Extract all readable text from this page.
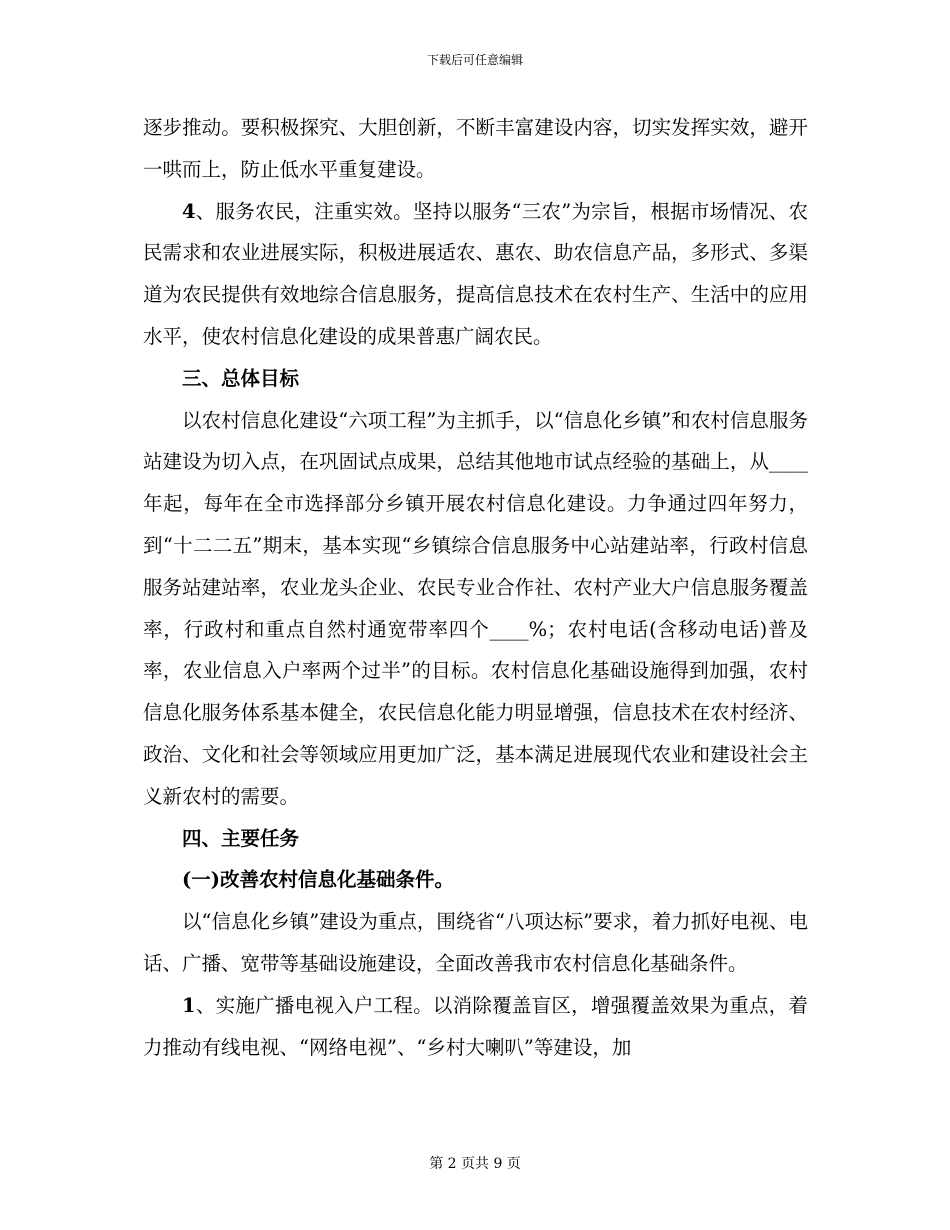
下载后可任意编辑

逐步推动。要积极探究、大胆创新，不断丰富建设内容，切实发挥实效，避开一哄而上，防止低水平重复建设。

4、服务农民，注重实效。坚持以服务“三农”为宗旨，根据市场情况、农民需求和农业进展实际，积极进展适农、惠农、助农信息产品，多形式、多渠道为农民提供有效地综合信息服务，提高信息技术在农村生产、生活中的应用水平，使农村信息化建设的成果普惠广阔农民。

三、总体目标

以农村信息化建设“六项工程”为主抓手，以“信息化乡镇”和农村信息服务站建设为切入点，在巩固试点成果，总结其他地市试点经验的基础上，从____年起，每年在全市选择部分乡镇开展农村信息化建设。力争通过四年努力，到“十二二五”期末，基本实现“乡镇综合信息服务中心站建站率，行政村信息服务站建站率，农业龙头企业、农民专业合作社、农村产业大户信息服务覆盖率，行政村和重点自然村通宽带率四个____%；农村电话(含移动电话)普及率，农业信息入户率两个过半”的目标。农村信息化基础设施得到加强，农村信息化服务体系基本健全，农民信息化能力明显增强，信息技术在农村经济、政治、文化和社会等领域应用更加广泛，基本满足进展现代农业和建设社会主义新农村的需要。

四、主要任务

(一)改善农村信息化基础条件。

以“信息化乡镇”建设为重点，围绕省“八项达标”要求，着力抓好电视、电话、广播、宽带等基础设施建设，全面改善我市农村信息化基础条件。

1、实施广播电视入户工程。以消除覆盖盲区，增强覆盖效果为重点，着力推动有线电视、“网络电视”、“乡村大喇叭”等建设，加

第 2 页共 9 页
